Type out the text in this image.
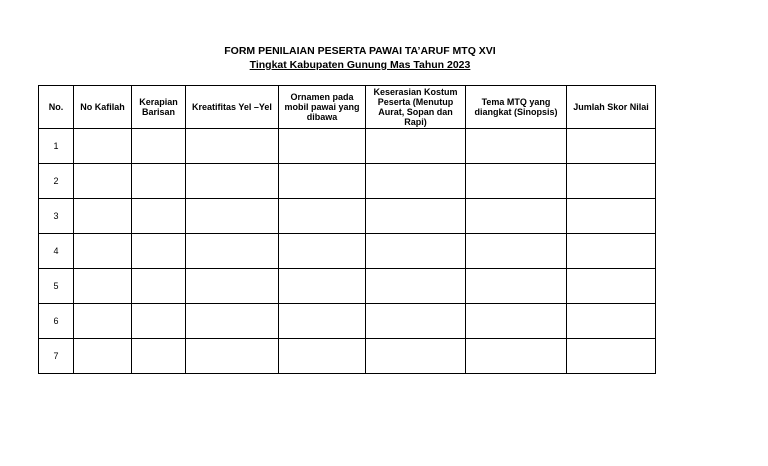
FORM PENILAIAN PESERTA PAWAI TA’ARUF MTQ XVI
Tingkat Kabupaten Gunung Mas Tahun 2023
No.	No Kafilah	Kerapian Barisan	Kreatifitas Yel –Yel	Ornamen pada mobil pawai yang dibawa	Keserasian Kostum Peserta (Menutup Aurat, Sopan dan Rapi)	Tema MTQ yang diangkat (Sinopsis)	Jumlah Skor Nilai
1							
2							
3							
4							
5							
6							
7							
